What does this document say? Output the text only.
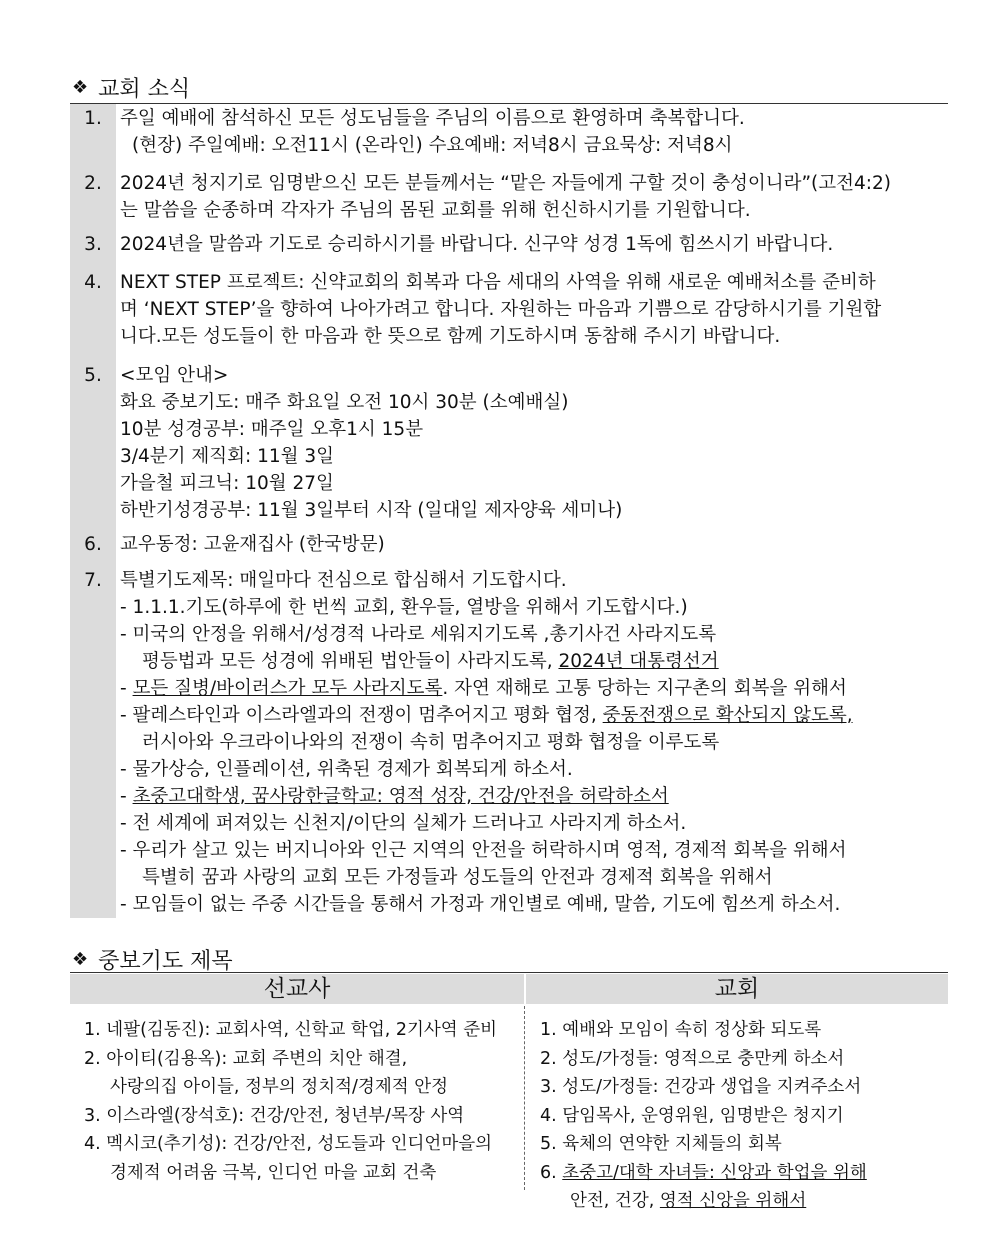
❖ 교회 소식
1. 주일 예배에 참석하신 모든 성도님들을 주님의 이름으로 환영하며 축복합니다.
(현장) 주일예배: 오전11시 (온라인) 수요예배: 저녁8시 금요묵상: 저녁8시
2. 2024년 청지기로 임명받으신 모든 분들께서는 “맡은 자들에게 구할 것이 충성이니라”(고전4:2)
는 말씀을 순종하며 각자가 주님의 몸된 교회를 위해 헌신하시기를 기원합니다.
3. 2024년을 말씀과 기도로 승리하시기를 바랍니다. 신구약 성경 1독에 힘쓰시기 바랍니다.
4. NEXT STEP 프로젝트: 신약교회의 회복과 다음 세대의 사역을 위해 새로운 예배처소를 준비하
며 ‘NEXT STEP’을 향하여 나아가려고 합니다. 자원하는 마음과 기쁨으로 감당하시기를 기원합
니다.모든 성도들이 한 마음과 한 뜻으로 함께 기도하시며 동참해 주시기 바랍니다.
5. <모임 안내>
화요 중보기도: 매주 화요일 오전 10시 30분 (소예배실)
10분 성경공부: 매주일 오후1시 15분
3/4분기 제직회: 11월 3일
가을철 피크닉: 10월 27일
하반기성경공부: 11월 3일부터 시작 (일대일 제자양육 세미나)
6. 교우동정: 고윤재집사 (한국방문)
7. 특별기도제목: 매일마다 전심으로 합심해서 기도합시다.
- 1.1.1.기도(하루에 한 번씩 교회, 환우들, 열방을 위해서 기도합시다.)
- 미국의 안정을 위해서/성경적 나라로 세워지기도록 ,총기사건 사라지도록
평등법과 모든 성경에 위배된 법안들이 사라지도록, 2024년 대통령선거
- 모든 질병/바이러스가 모두 사라지도록. 자연 재해로 고통 당하는 지구촌의 회복을 위해서
- 팔레스타인과 이스라엘과의 전쟁이 멈추어지고 평화 협정, 중동전쟁으로 확산되지 않도록,
러시아와 우크라이나와의 전쟁이 속히 멈추어지고 평화 협정을 이루도록
- 물가상승, 인플레이션, 위축된 경제가 회복되게 하소서.
- 초중고대학생, 꿈사랑한글학교: 영적 성장, 건강/안전을 허락하소서
- 전 세계에 퍼져있는 신천지/이단의 실체가 드러나고 사라지게 하소서.
- 우리가 살고 있는 버지니아와 인근 지역의 안전을 허락하시며 영적, 경제적 회복을 위해서
특별히 꿈과 사랑의 교회 모든 가정들과 성도들의 안전과 경제적 회복을 위해서
- 모임들이 없는 주중 시간들을 통해서 가정과 개인별로 예배, 말씀, 기도에 힘쓰게 하소서.
❖ 중보기도 제목
선교사	교회
1. 네팔(김동진): 교회사역, 신학교 학업, 2기사역 준비
2. 아이티(김용옥): 교회 주변의 치안 해결,
사랑의집 아이들, 정부의 정치적/경제적 안정
3. 이스라엘(장석호): 건강/안전, 청년부/목장 사역
4. 멕시코(추기성): 건강/안전, 성도들과 인디언마을의
경제적 어려움 극복, 인디언 마을 교회 건축
1. 예배와 모임이 속히 정상화 되도록
2. 성도/가정들: 영적으로 충만케 하소서
3. 성도/가정들: 건강과 생업을 지켜주소서
4. 담임목사, 운영위원, 임명받은 청지기
5. 육체의 연약한 지체들의 회복
6. 초중고/대학 자녀들: 신앙과 학업을 위해
안전, 건강, 영적 신앙을 위해서
